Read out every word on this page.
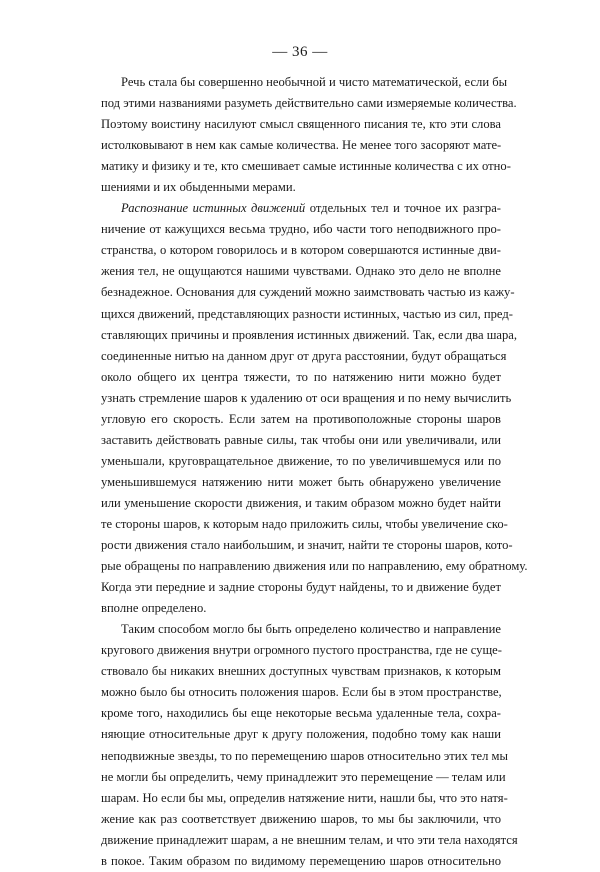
— 36 —
Речь стала бы совершенно необычной и чисто математической, если бы
под этими названиями разуметь действительно сами измеряемые количества.
Поэтому воистину насилуют смысл священного писания те, кто эти слова
истолковывают в нем как самые количества. Не менее того засоряют мате-
матику и физику и те, кто смешивает самые истинные количества с их отно-
шениями и их обыденными мерами.
Распознание истинных движений отдельных тел и точное их разгра-
ничение от кажущихся весьма трудно, ибо части того неподвижного про-
странства, о котором говорилось и в котором совершаются истинные дви-
жения тел, не ощущаются нашими чувствами. Однако это дело не вполне
безнадежное. Основания для суждений можно заимствовать частью из кажу-
щихся движений, представляющих разности истинных, частью из сил, пред-
ставляющих причины и проявления истинных движений. Так, если два шара,
соединенные нитью на данном друг от друга расстоянии, будут обращаться
около общего их центра тяжести, то по натяжению нити можно будет
узнать стремление шаров к удалению от оси вращения и по нему вычислить
угловую его скорость. Если затем на противоположные стороны шаров
заставить действовать равные силы, так чтобы они или увеличивали, или
уменьшали, круговращательное движение, то по увеличившемуся или по
уменьшившемуся натяжению нити может быть обнаружено увеличение
или уменьшение скорости движения, и таким образом можно будет найти
те стороны шаров, к которым надо приложить силы, чтобы увеличение ско-
рости движения стало наибольшим, и значит, найти те стороны шаров, кото-
рые обращены по направлению движения или по направлению, ему обратному.
Когда эти передние и задние стороны будут найдены, то и движение будет
вполне определено.
Таким способом могло бы быть определено количество и направление
кругового движения внутри огромного пустого пространства, где не суще-
ствовало бы никаких внешних доступных чувствам признаков, к которым
можно было бы относить положения шаров. Если бы в этом пространстве,
кроме того, находились бы еще некоторые весьма удаленные тела, сохра-
няющие относительные друг к другу положения, подобно тому как наши
неподвижные звезды, то по перемещению шаров относительно этих тел мы
не могли бы определить, чему принадлежит это перемещение — телам или
шарам. Но если бы мы, определив натяжение нити, нашли бы, что это натя-
жение как раз соответствует движению шаров, то мы бы заключили, что
движение принадлежит шарам, а не внешним телам, и что эти тела находятся
в покое. Таким образом по видимому перемещению шаров относительно
